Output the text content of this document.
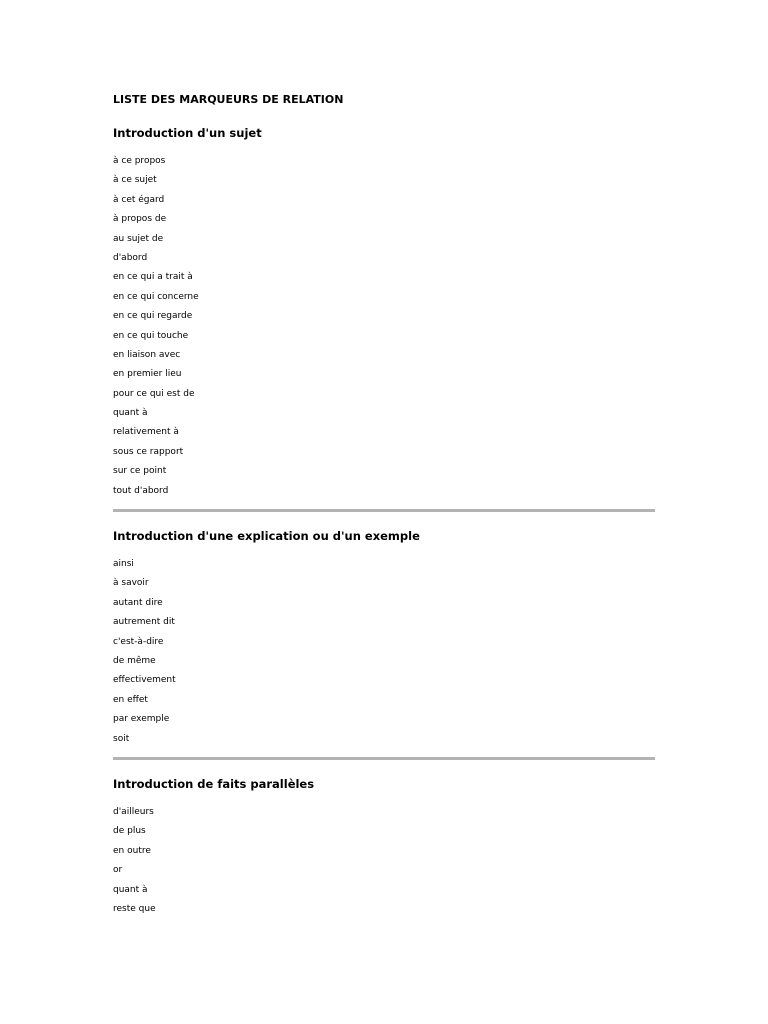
LISTE DES MARQUEURS DE RELATION
Introduction d'un sujet
à ce propos
à ce sujet
à cet égard
à propos de
au sujet de
d'abord
en ce qui a trait à
en ce qui concerne
en ce qui regarde
en ce qui touche
en liaison avec
en premier lieu
pour ce qui est de
quant à
relativement à
sous ce rapport
sur ce point
tout d'abord
Introduction d'une explication ou d'un exemple
ainsi
à savoir
autant dire
autrement dit
c'est-à-dire
de même
effectivement
en effet
par exemple
soit
Introduction de faits parallèles
d'ailleurs
de plus
en outre
or
quant à
reste que
